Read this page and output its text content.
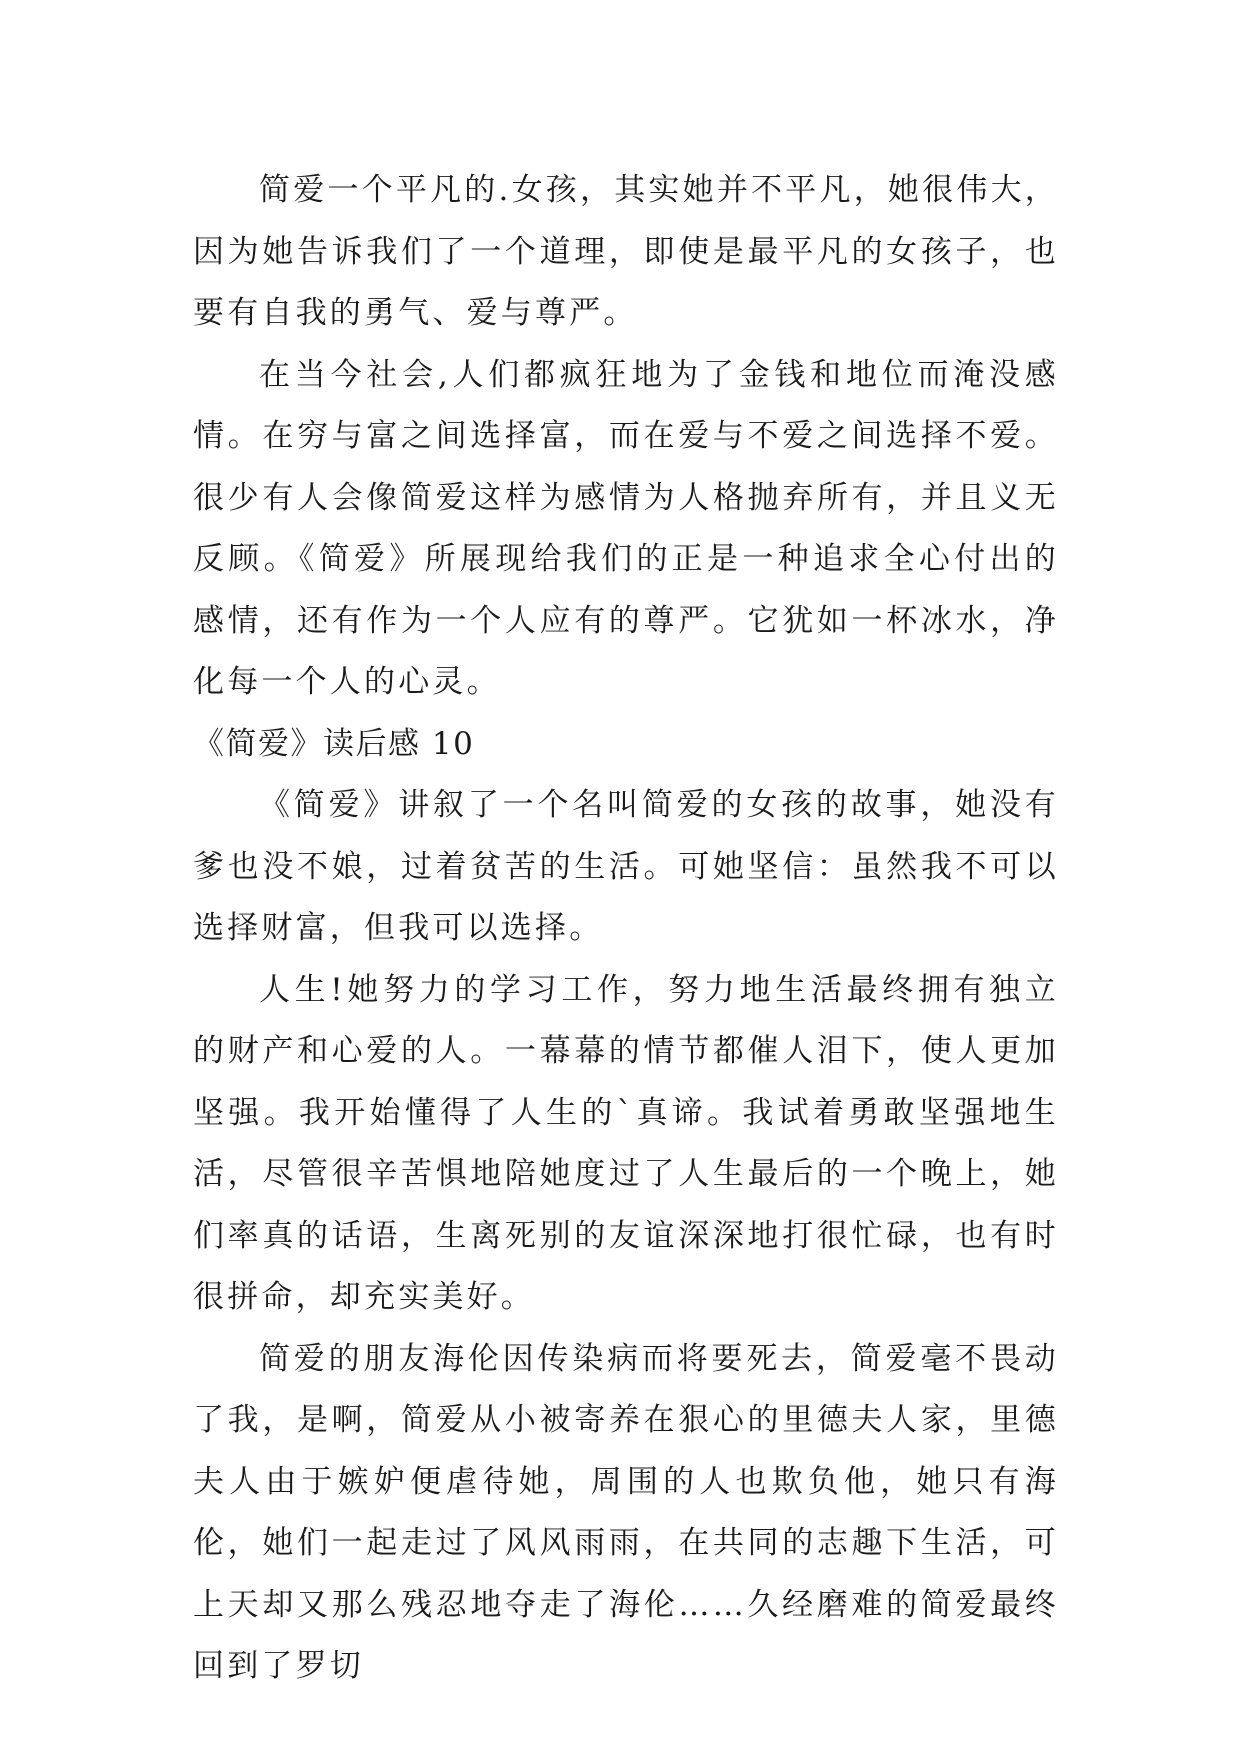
简爱一个平凡的.女孩，其实她并不平凡，她很伟大，因为她告诉我们了一个道理，即使是最平凡的女孩子，也要有自我的勇气、爱与尊严。

在当今社会,人们都疯狂地为了金钱和地位而淹没感情。在穷与富之间选择富，而在爱与不爱之间选择不爱。很少有人会像简爱这样为感情为人格抛弃所有，并且义无反顾。《简爱》所展现给我们的正是一种追求全心付出的感情，还有作为一个人应有的尊严。它犹如一杯冰水，净化每一个人的心灵。

《简爱》读后感 10

《简爱》讲叙了一个名叫简爱的女孩的故事，她没有爹也没不娘，过着贫苦的生活。可她坚信：虽然我不可以选择财富，但我可以选择。

人生!她努力的学习工作，努力地生活最终拥有独立的财产和心爱的人。一幕幕的情节都催人泪下，使人更加坚强。我开始懂得了人生的`真谛。我试着勇敢坚强地生活，尽管很辛苦惧地陪她度过了人生最后的一个晚上，她们率真的话语，生离死别的友谊深深地打很忙碌，也有时很拼命，却充实美好。

简爱的朋友海伦因传染病而将要死去，简爱毫不畏动了我，是啊，简爱从小被寄养在狠心的里德夫人家，里德夫人由于嫉妒便虐待她，周围的人也欺负他，她只有海伦，她们一起走过了风风雨雨，在共同的志趣下生活，可上天却又那么残忍地夺走了海伦……久经磨难的简爱最终回到了罗切
